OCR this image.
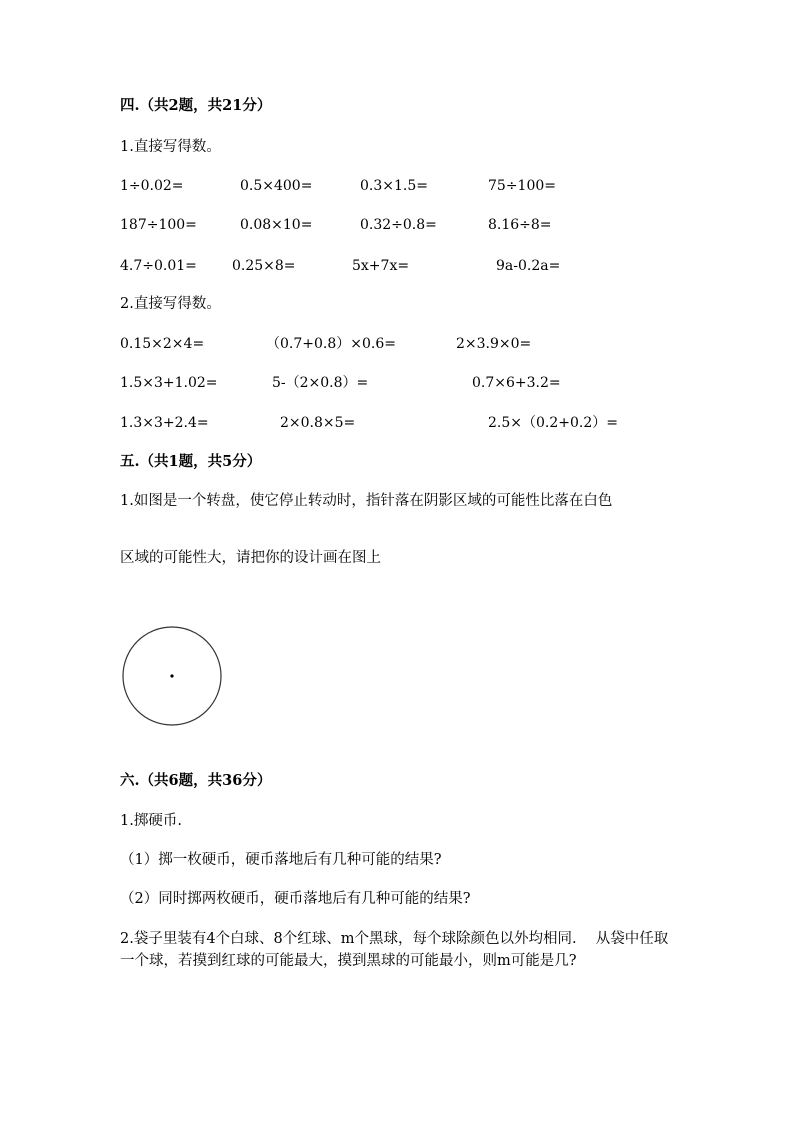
四.（共2题，共21分）
1.直接写得数。
1÷0.02=	0.5×400=	0.3×1.5=	75÷100=
187÷100=	0.08×10=	0.32÷0.8=	8.16÷8=
4.7÷0.01=	0.25×8=	5x+7x=	9a-0.2a=
2.直接写得数。
0.15×2×4=	（0.7+0.8）×0.6=	2×3.9×0=
1.5×3+1.02=	5-（2×0.8）=	0.7×6+3.2=
1.3×3+2.4=	2×0.8×5=	2.5×（0.2+0.2）=
五.（共1题，共5分）
1.如图是一个转盘，使它停止转动时，指针落在阴影区域的可能性比落在白色
区域的可能性大，请把你的设计画在图上
六.（共6题，共36分）
1.掷硬币.
（1）掷一枚硬币，硬币落地后有几种可能的结果?
（2）同时掷两枚硬币，硬币落地后有几种可能的结果?
2.袋子里装有4个白球、8个红球、m个黑球，每个球除颜色以外均相同.　 从袋中任取一个球，若摸到红球的可能最大，摸到黑球的可能最小，则m可能是几?
